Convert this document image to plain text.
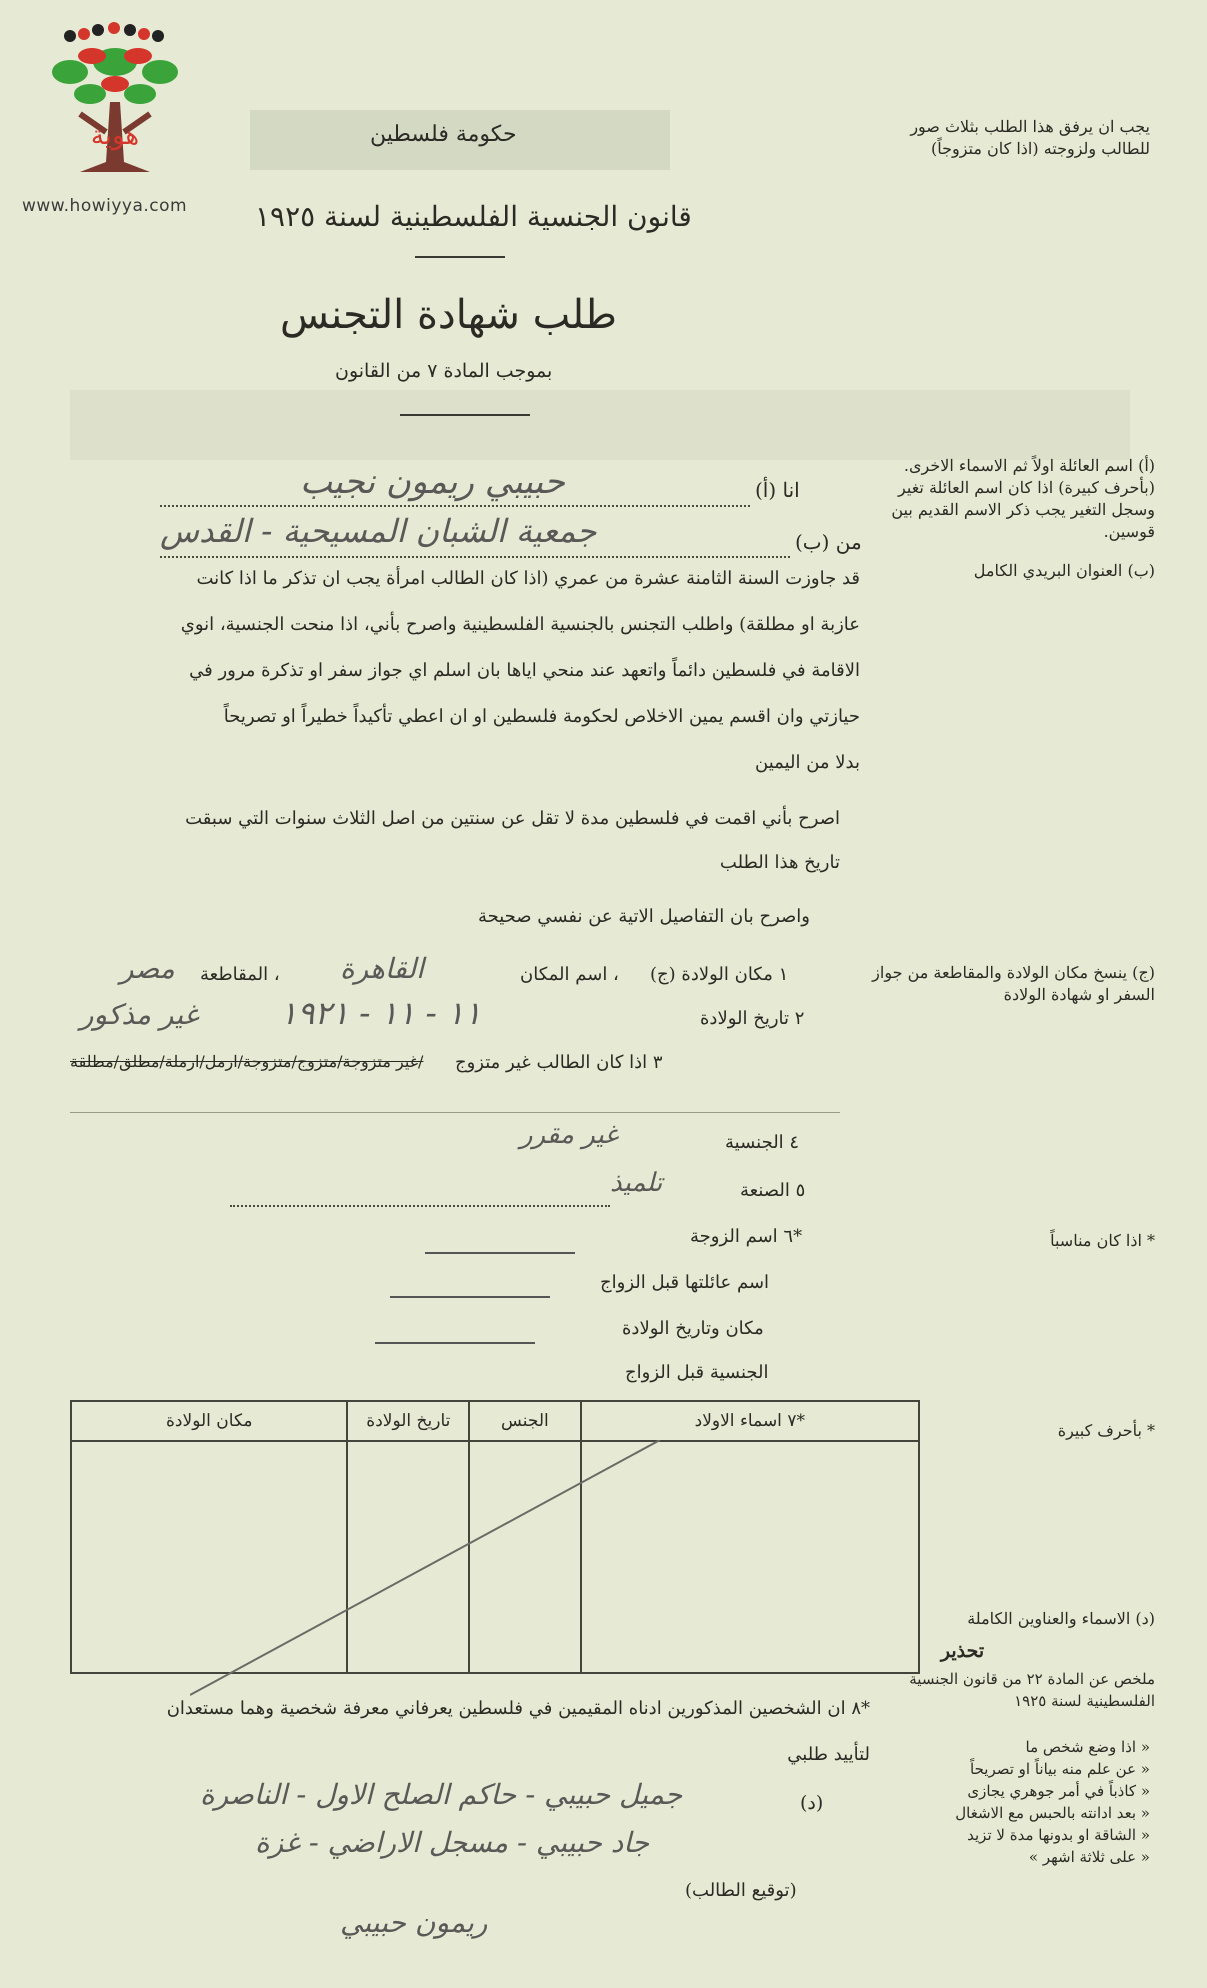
هوية
www.howiyya.com
حكومة فلسطين
قانون الجنسية الفلسطينية لسنة ١٩٢٥
طلب شهادة التجنس
بموجب المادة ٧ من القانون
يجب ان يرفق هذا الطلب بثلاث صور للطالب ولزوجته (اذا كان متزوجاً)
انا (أ)
حبيبي ريمون نجيب
من (ب)
جمعية الشبان المسيحية - القدس
(أ) اسم العائلة اولاً ثم الاسماء الاخرى. (بأحرف كبيرة) اذا كان اسم العائلة تغير وسجل التغير يجب ذكر الاسم القديم بين قوسين.
(ب) العنوان البريدي الكامل
قد جاوزت السنة الثامنة عشرة من عمري (اذا كان الطالب امرأة يجب ان تذكر ما اذا كانت
عازبة او مطلقة) واطلب التجنس بالجنسية الفلسطينية واصرح بأني، اذا منحت الجنسية، انوي
الاقامة في فلسطين دائماً واتعهد عند منحي اياها بان اسلم اي جواز سفر او تذكرة مرور في
حيازتي وان اقسم يمين الاخلاص لحكومة فلسطين او ان اعطي تأكيداً خطيراً او تصريحاً
بدلا من اليمين
اصرح بأني اقمت في فلسطين مدة لا تقل عن سنتين من اصل الثلاث سنوات التي سبقت
تاريخ هذا الطلب
واصرح بان التفاصيل الاتية عن نفسي صحيحة
١ مكان الولادة (ج)
، اسم المكان
القاهرة
، المقاطعة
مصر	(ج) ينسخ مكان الولادة والمقاطعة من جواز السفر او شهادة الولادة
٢ تاريخ الولادة
١١ - ١١ - ١٩٢١
غير مذكور
٣ اذا كان الطالب غير متزوج
/غير متزوجة/متزوج/متزوجة/ارمل/ارملة/مطلق/مطلقة
٤ الجنسية
غير مقرر
٥ الصنعة
تلميذ
*٦ اسم الزوجة	* اذا كان مناسباً
اسم عائلتها قبل الزواج
مكان وتاريخ الولادة
الجنسية قبل الزواج
مكان الولادة	تاريخ الولادة	الجنس	*٧ اسماء الاولاد
				* بأحرف كبيرة
*٨ ان الشخصين المذكورين ادناه المقيمين في فلسطين يعرفاني معرفة شخصية وهما مستعدان
لتأييد طلبي
(د)
جميل حبيبي - حاكم الصلح الاول - الناصرة
جاد حبيبي - مسجل الاراضي - غزة
(توقيع الطالب)
ريمون حبيبي
(د) الاسماء والعناوين الكاملة
تحذير
ملخص عن المادة ٢٢ من قانون الجنسية الفلسطينية لسنة ١٩٢٥
« اذا وضع شخص ما
« عن علم منه بياناً او تصريحاً
« كاذباً في أمر جوهري يجازى
« بعد ادانته بالحبس مع الاشغال
« الشاقة او بدونها مدة لا تزيد
« على ثلاثة اشهر »
